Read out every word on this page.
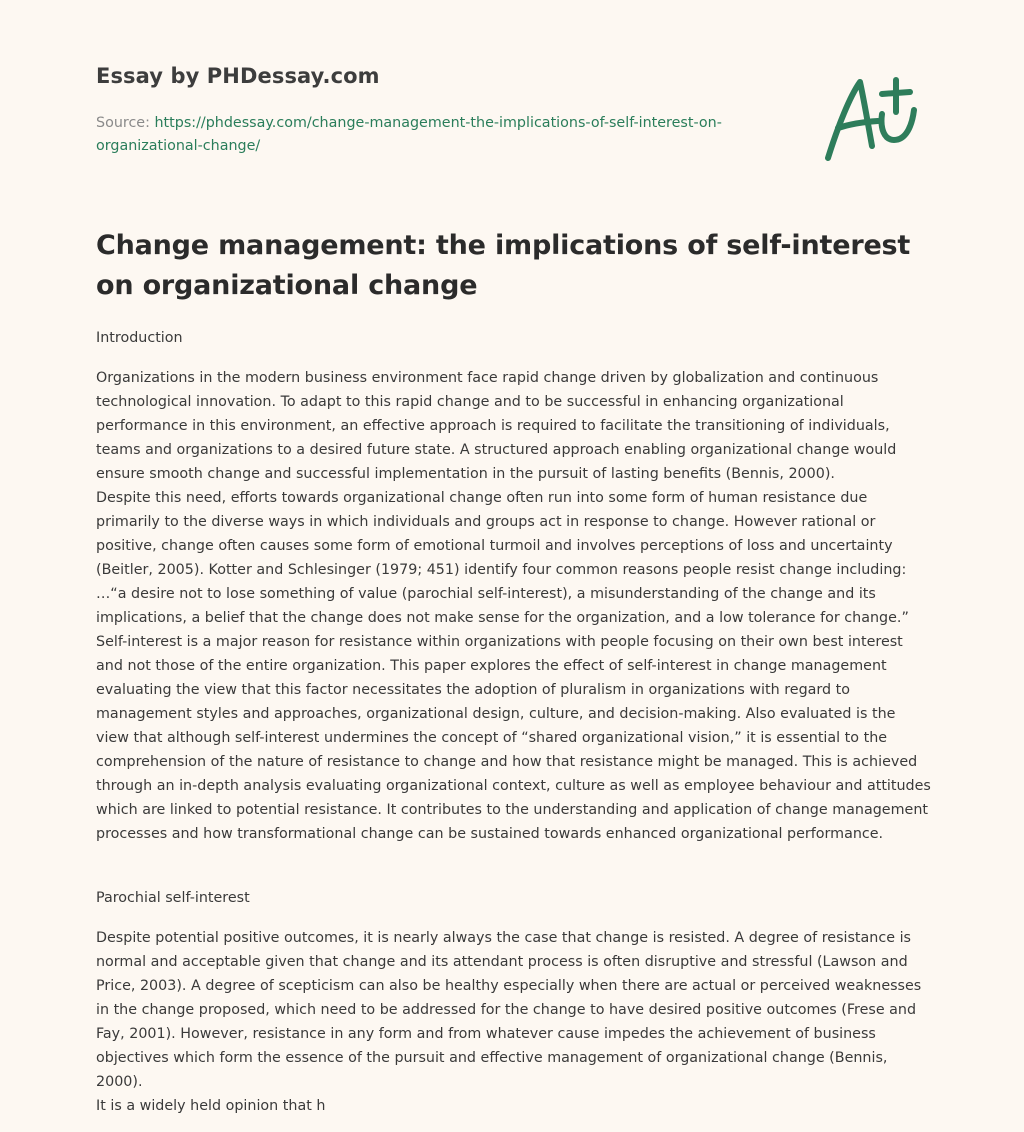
Essay by PHDessay.com
Source: https://phdessay.com/change-management-the-implications-of-self-interest-on-organizational-change/
Change management: the implications of self-interest on organizational change
Introduction

Organizations in the modern business environment face rapid change driven by globalization and continuous technological innovation. To adapt to this rapid change and to be successful in enhancing organizational performance in this environment, an effective approach is required to facilitate the transitioning of individuals, teams and organizations to a desired future state. A structured approach enabling organizational change would ensure smooth change and successful implementation in the pursuit of lasting benefits (Bennis, 2000).

Despite this need, efforts towards organizational change often run into some form of human resistance due primarily to the diverse ways in which individuals and groups act in response to change. However rational or positive, change often causes some form of emotional turmoil and involves perceptions of loss and uncertainty (Beitler, 2005). Kotter and Schlesinger (1979; 451) identify four common reasons people resist change including: …“a desire not to lose something of value (parochial self-interest), a misunderstanding of the change and its implications, a belief that the change does not make sense for the organization, and a low tolerance for change.” Self-interest is a major reason for resistance within organizations with people focusing on their own best interest and not those of the entire organization. This paper explores the effect of self-interest in change management evaluating the view that this factor necessitates the adoption of pluralism in organizations with regard to management styles and approaches, organizational design, culture, and decision-making. Also evaluated is the view that although self-interest undermines the concept of “shared organizational vision,” it is essential to the comprehension of the nature of resistance to change and how that resistance might be managed. This is achieved through an in-depth analysis evaluating organizational context, culture as well as employee behaviour and attitudes which are linked to potential resistance. It contributes to the understanding and application of change management processes and how transformational change can be sustained towards enhanced organizational performance.

Parochial self-interest

Despite potential positive outcomes, it is nearly always the case that change is resisted. A degree of resistance is normal and acceptable given that change and its attendant process is often disruptive and stressful (Lawson and Price, 2003). A degree of scepticism can also be healthy especially when there are actual or perceived weaknesses in the change proposed, which need to be addressed for the change to have desired positive outcomes (Frese and Fay, 2001). However, resistance in any form and from whatever cause impedes the achievement of business objectives which form the essence of the pursuit and effective management of organizational change (Bennis, 2000).

It is a widely held opinion that h
